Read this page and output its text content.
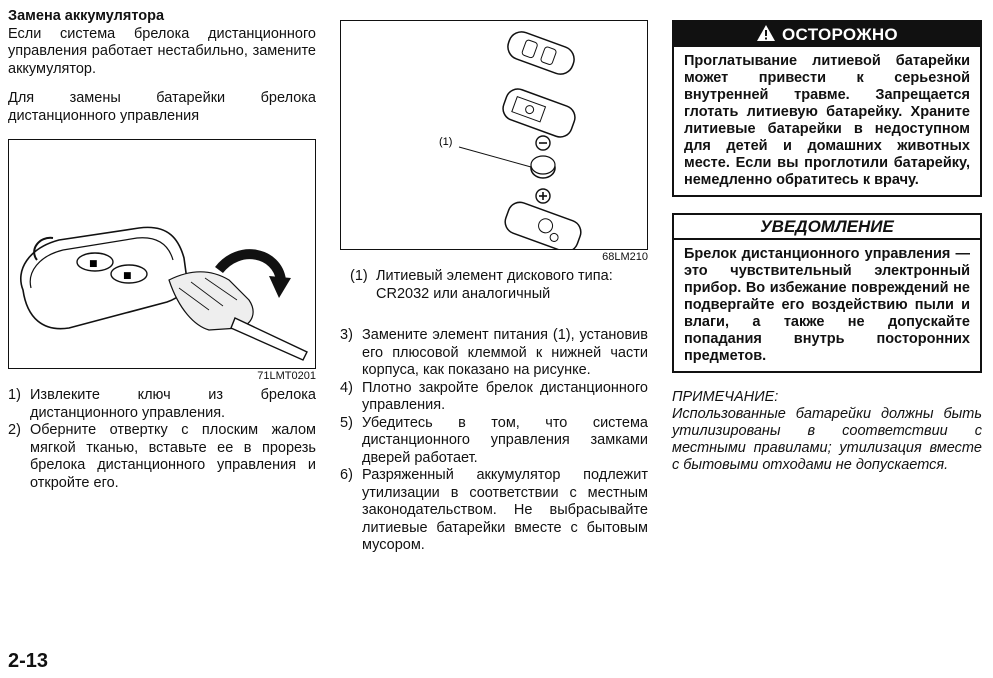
Замена аккумулятора

Если система брелока дистанционного управления работает нестабильно, замените аккумулятор.

Для замены батарейки брелока дистанционного управления

■
■
71LMT0201
1) Извлеките ключ из брелока дистанционного управления.
2) Оберните отвертку с плоским жалом мягкой тканью, вставьте ее в прорезь брелока дистанционного управления и откройте его.
(1)
68LM210
(1) Литиевый элемент дискового типа: CR2032 или аналогичный
3) Замените элемент питания (1), установив его плюсовой клеммой к нижней части корпуса, как показано на рисунке.
4) Плотно закройте брелок дистанционного управления.
5) Убедитесь в том, что система дистанционного управления замками дверей работает.
6) Разряженный аккумулятор подлежит утилизации в соответствии с местным законодательством. Не выбрасывайте литиевые батарейки вместе с бытовым мусором.
ОСТОРОЖНО
Проглатывание литиевой батарейки может привести к серьезной внутренней травме. Запрещается глотать литиевую батарейку. Храните литиевые батарейки в недоступном для детей и домашних животных месте. Если вы проглотили батарейку, немедленно обратитесь к врачу.
УВЕДОМЛЕНИЕ
Брелок дистанционного управления — это чувствительный электронный прибор. Во избежание повреждений не подвергайте его воздействию пыли и влаги, а также не допускайте попадания внутрь посторонних предметов.
ПРИМЕЧАНИЕ:

Использованные батарейки должны быть утилизированы в соответствии с местными правилами; утилизация вместе с бытовыми отходами не допускается.

2-13
